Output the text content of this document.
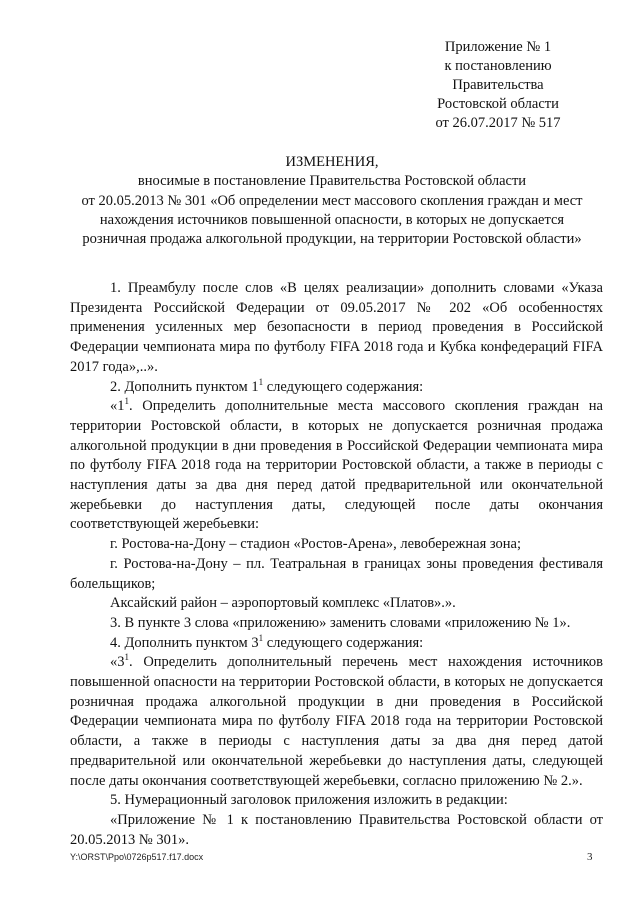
Приложение № 1
к постановлению
Правительства
Ростовской области
от 26.07.2017 № 517
ИЗМЕНЕНИЯ,
вносимые в постановление Правительства Ростовской области
от 20.05.2013 № 301 «Об определении мест массового скопления граждан и мест
нахождения источников повышенной опасности, в которых не допускается
розничная продажа алкогольной продукции, на территории Ростовской области»

1. Преамбулу после слов «В целях реализации» дополнить словами «Указа Президента Российской Федерации от 09.05.2017 № 202 «Об особенностях применения усиленных мер безопасности в период проведения в Российской Федерации чемпионата мира по футболу FIFA 2018 года и Кубка конфедераций FIFA 2017 года»,..».

2. Дополнить пунктом $1^1$ следующего содержания:

«$1^1$. Определить дополнительные места массового скопления граждан на территории Ростовской области, в которых не допускается розничная продажа алкогольной продукции в дни проведения в Российской Федерации чемпионата мира по футболу FIFA 2018 года на территории Ростовской области, а также в периоды с наступления даты за два дня перед датой предварительной или окончательной жеребьевки до наступления даты, следующей после даты окончания соответствующей жеребьевки:

г. Ростова-на-Дону – стадион «Ростов-Арена», левобережная зона;

г. Ростова-на-Дону – пл. Театральная в границах зоны проведения фестиваля болельщиков;

Аксайский район – аэропортовый комплекс «Платов».».

3. В пункте 3 слова «приложению» заменить словами «приложению № 1».

4. Дополнить пунктом $3^1$ следующего содержания:

«$3^1$. Определить дополнительный перечень мест нахождения источников повышенной опасности на территории Ростовской области, в которых не допускается розничная продажа алкогольной продукции в дни проведения в Российской Федерации чемпионата мира по футболу FIFA 2018 года на территории Ростовской области, а также в периоды с наступления даты за два дня перед датой предварительной или окончательной жеребьевки до наступления даты, следующей после даты окончания соответствующей жеребьевки, согласно приложению № 2.».

5. Нумерационный заголовок приложения изложить в редакции:

«Приложение № 1 к постановлению Правительства Ростовской области от 20.05.2013 № 301».

Y:\ORST\Ppo\0726p517.f17.docx	3
